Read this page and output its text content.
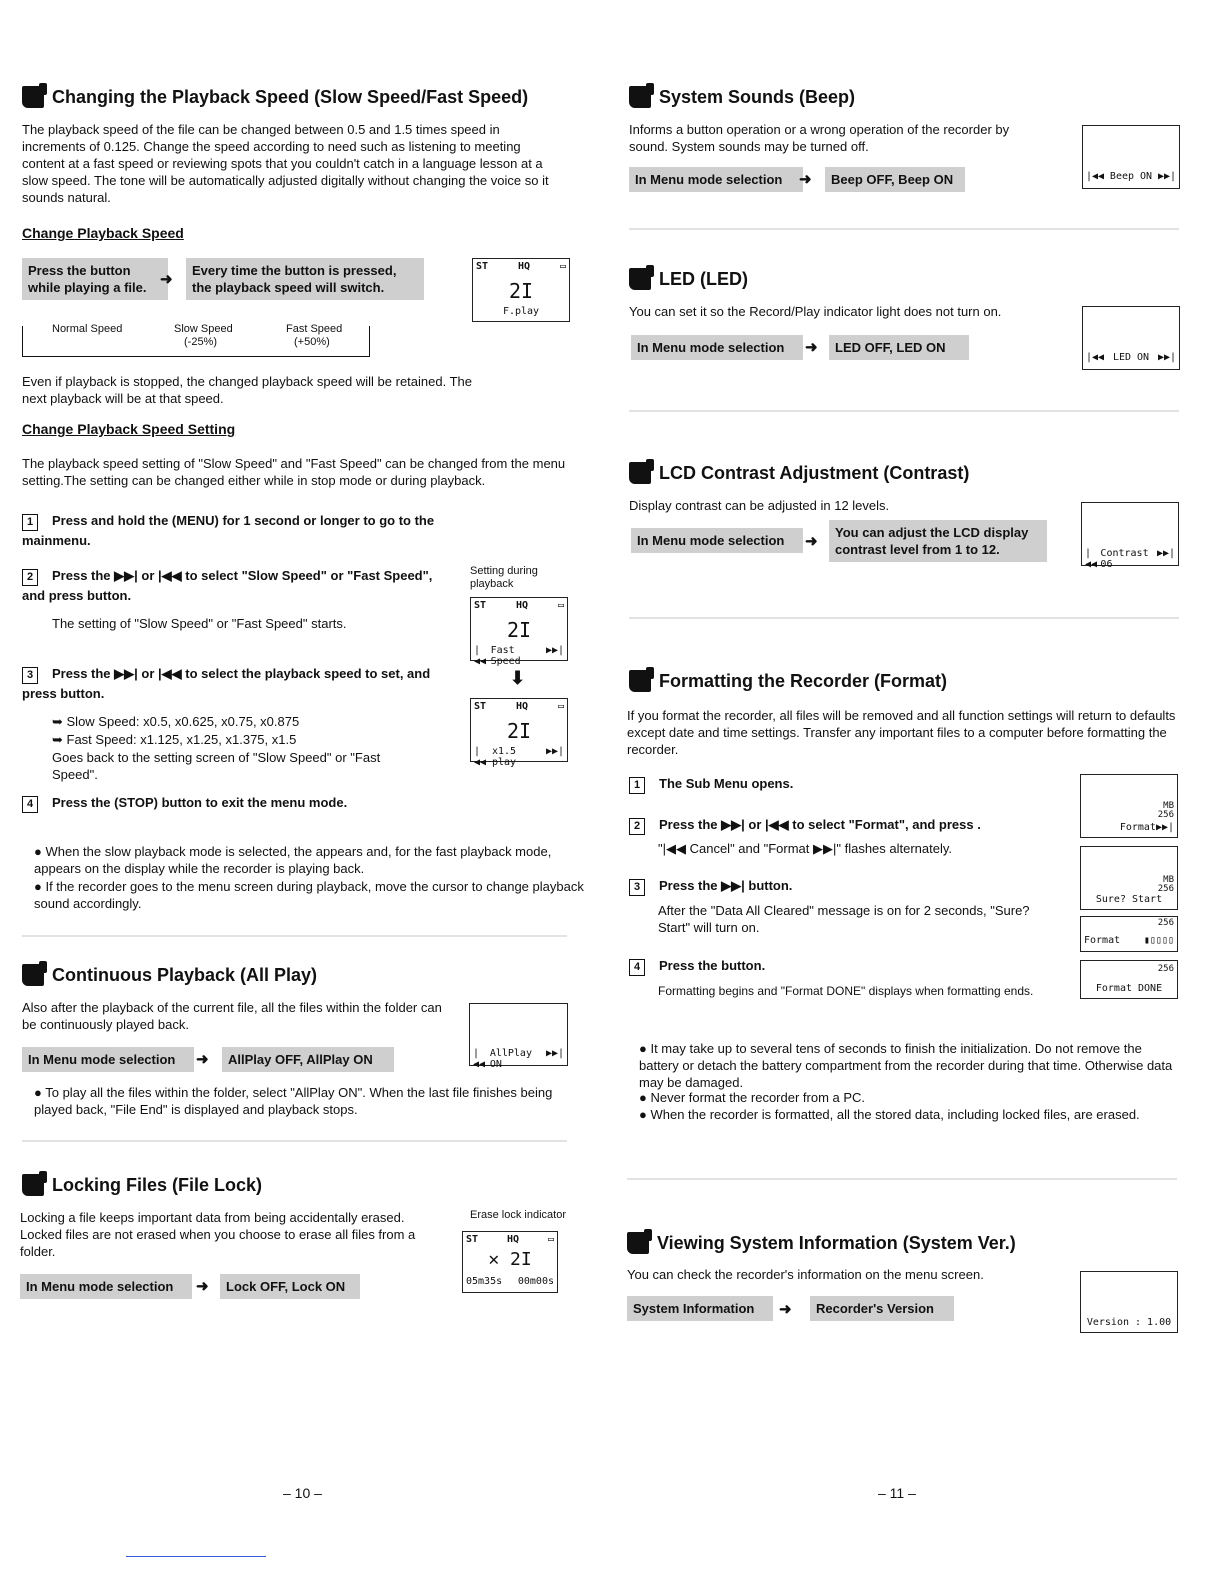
Changing the Playback Speed (Slow Speed/Fast Speed)
The playback speed of the file can be changed between 0.5 and 1.5 times speed in increments of 0.125. Change the speed according to need such as listening to meeting content at a fast speed or reviewing spots that you couldn't catch in a language lesson at a slow speed. The tone will be automatically adjusted digitally without changing the voice so it sounds natural.
Change Playback Speed
Press the button while playing a file. ➜
Every time the button is pressed, the playback speed will switch.
Normal Speed	Slow Speed
(-25%)
Fast Speed
(+50%)
ST	HQ	▭
2I
F.play
Even if playback is stopped, the changed playback speed will be retained. The next playback will be at that speed.
Change Playback Speed Setting
The playback speed setting of "Slow Speed" and "Fast Speed" can be changed from the menu setting.The setting can be changed either while in stop mode or during playback.
1 Press and hold the (MENU) for 1 second or longer to go to the mainmenu.
2 Press the ▶▶| or |◀◀ to select "Slow Speed" or "Fast Speed", and press button.
The setting of "Slow Speed" or "Fast Speed" starts.
3 Press the ▶▶| or |◀◀ to select the playback speed to set, and press button.
➥ Slow Speed: x0.5, x0.625, x0.75, x0.875
➥ Fast Speed: x1.125, x1.25, x1.375, x1.5
Goes back to the setting screen of "Slow Speed" or "Fast Speed".
4 Press the (STOP) button to exit the menu mode.
Setting during playback
ST	HQ	▭
2I
|◀◀
Fast Speed
▶▶|
⬇
ST	HQ	▭
2I
|◀◀
x1.5 play
▶▶|
● When the slow playback mode is selected, the appears and, for the fast playback mode, appears on the display while the recorder is playing back.
● If the recorder goes to the menu screen during playback, move the cursor to change playback sound accordingly.
Continuous Playback (All Play)
Also after the playback of the current file, all the files within the folder can be continuously played back.
In Menu mode selection	➜	AllPlay OFF, AllPlay ON	|◀◀
AllPlay ON
▶▶|
● To play all the files within the folder, select "AllPlay ON". When the last file finishes being played back, "File End" is displayed and playback stops.
Locking Files (File Lock)
Locking a file keeps important data from being accidentally erased. Locked files are not erased when you choose to erase all files from a folder.
In Menu mode selection	➜	Lock OFF, Lock ON
Erase lock indicator
ST	HQ	▭
✕ 2I
05m35s 00m00s
– 10 –
System Sounds (Beep)
Informs a button operation or a wrong operation of the recorder by sound. System sounds may be turned off.
In Menu mode selection	➜	Beep OFF, Beep ON	|◀◀ Beep ON ▶▶|
LED (LED)
You can set it so the Record/Play indicator light does not turn on.
In Menu mode selection	➜	LED OFF, LED ON
|◀◀ LED ON ▶▶|
LCD Contrast Adjustment (Contrast)
Display contrast can be adjusted in 12 levels.
In Menu mode selection	➜
You can adjust the LCD display contrast level from 1 to 12.	|◀◀
Contrast 06
▶▶|
Formatting the Recorder (Format)
If you format the recorder, all files will be removed and all function settings will return to defaults except date and time settings. Transfer any important files to a computer before formatting the recorder.
1 The Sub Menu opens.
2 Press the ▶▶| or |◀◀ to select "Format", and press .
"|◀◀ Cancel" and "Format ▶▶|" flashes alternately.
3 Press the ▶▶| button.
After the "Data All Cleared" message is on for 2 seconds, "Sure? Start" will turn on.
4 Press the button.
Formatting begins and "Format DONE" displays when formatting ends.
MB
256
Format ▶▶|
MB
256
Sure? Start
256
Format ▮▯▯▯▯
256
Format DONE
● It may take up to several tens of seconds to finish the initialization. Do not remove the battery or detach the battery compartment from the recorder during that time. Otherwise data may be damaged.
● Never format the recorder from a PC.
● When the recorder is formatted, all the stored data, including locked files, are erased.
Viewing System Information (System Ver.)
You can check the recorder's information on the menu screen.
System Information	➜	Recorder's Version
Version : 1.00
– 11 –
